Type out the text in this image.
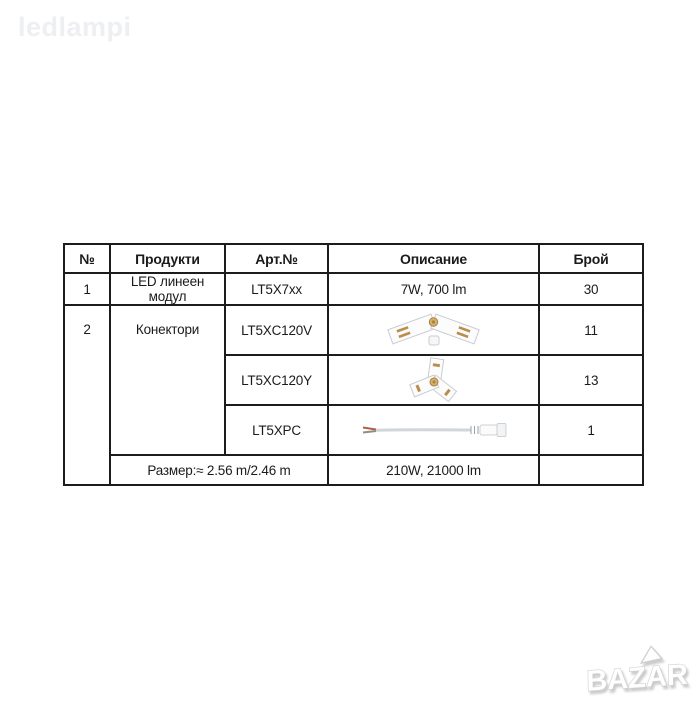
ledlampi
№	Продукти	Арт.№	Описание	Брой
1	LED линеен модул	LT5X7xx	7W, 700 lm	30
2	Конектори	LT5XC120V		11
		LT5XC120Y		13
		LT5XPC		1
	Размер:≈ 2.56 m/2.46 m		210W, 21000 lm	
BAZAR
